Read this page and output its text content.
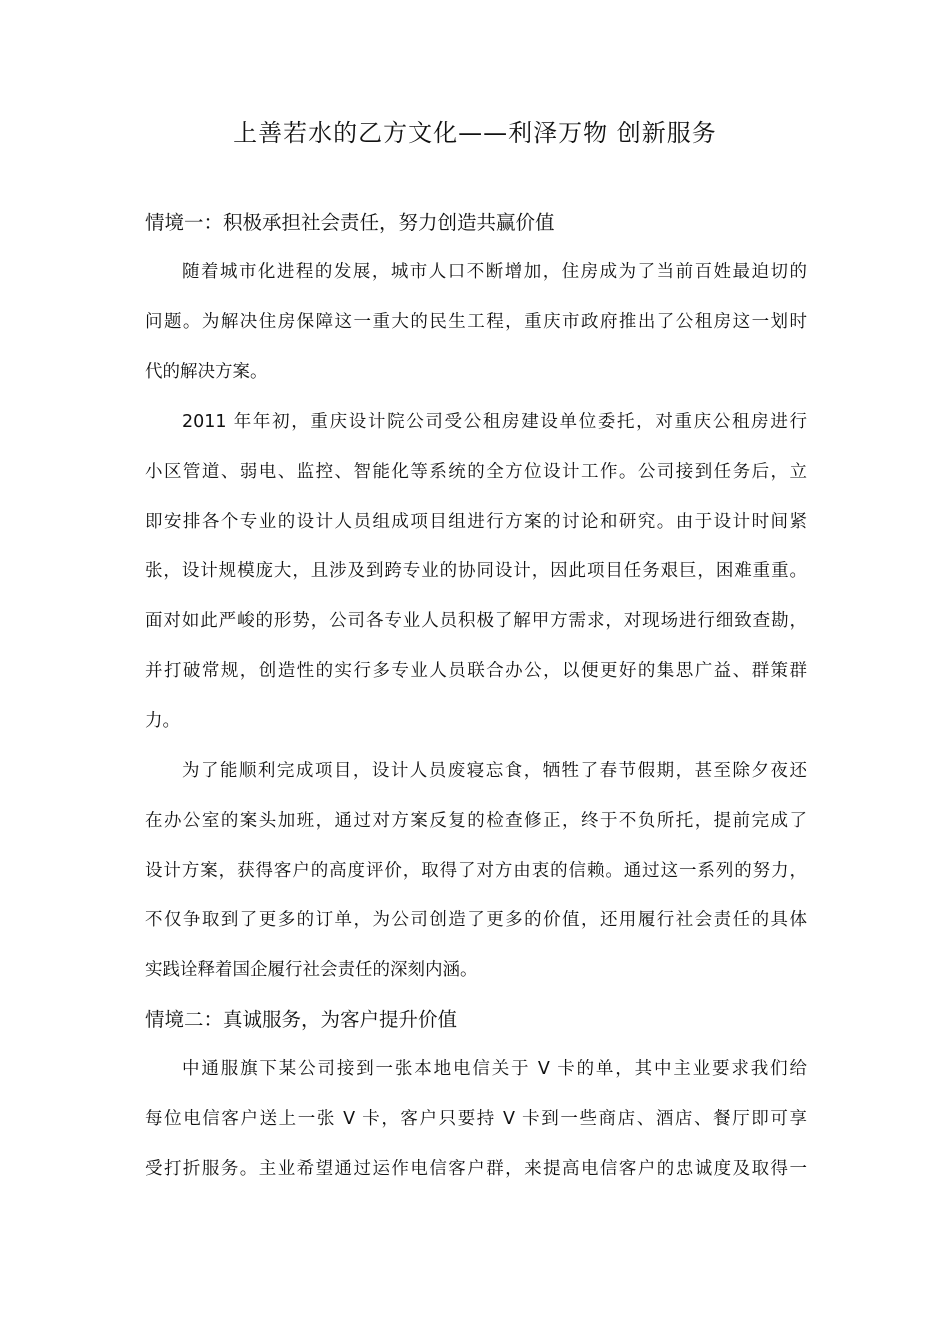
上善若水的乙方文化——利泽万物 创新服务
情境一：积极承担社会责任，努力创造共赢价值
随着城市化进程的发展，城市人口不断增加，住房成为了当前百姓最迫切的
问题。为解决住房保障这一重大的民生工程，重庆市政府推出了公租房这一划时
代的解决方案。
2011 年年初，重庆设计院公司受公租房建设单位委托，对重庆公租房进行
小区管道、弱电、监控、智能化等系统的全方位设计工作。公司接到任务后，立
即安排各个专业的设计人员组成项目组进行方案的讨论和研究。由于设计时间紧
张，设计规模庞大，且涉及到跨专业的协同设计，因此项目任务艰巨，困难重重。
面对如此严峻的形势，公司各专业人员积极了解甲方需求，对现场进行细致查勘，
并打破常规，创造性的实行多专业人员联合办公，以便更好的集思广益、群策群
力。
为了能顺利完成项目，设计人员废寝忘食，牺牲了春节假期，甚至除夕夜还
在办公室的案头加班，通过对方案反复的检查修正，终于不负所托，提前完成了
设计方案，获得客户的高度评价，取得了对方由衷的信赖。通过这一系列的努力，
不仅争取到了更多的订单，为公司创造了更多的价值，还用履行社会责任的具体
实践诠释着国企履行社会责任的深刻内涵。
情境二：真诚服务，为客户提升价值
中通服旗下某公司接到一张本地电信关于 V 卡的单，其中主业要求我们给
每位电信客户送上一张 V 卡，客户只要持 V 卡到一些商店、酒店、餐厅即可享
受打折服务。主业希望通过运作电信客户群，来提高电信客户的忠诚度及取得一
